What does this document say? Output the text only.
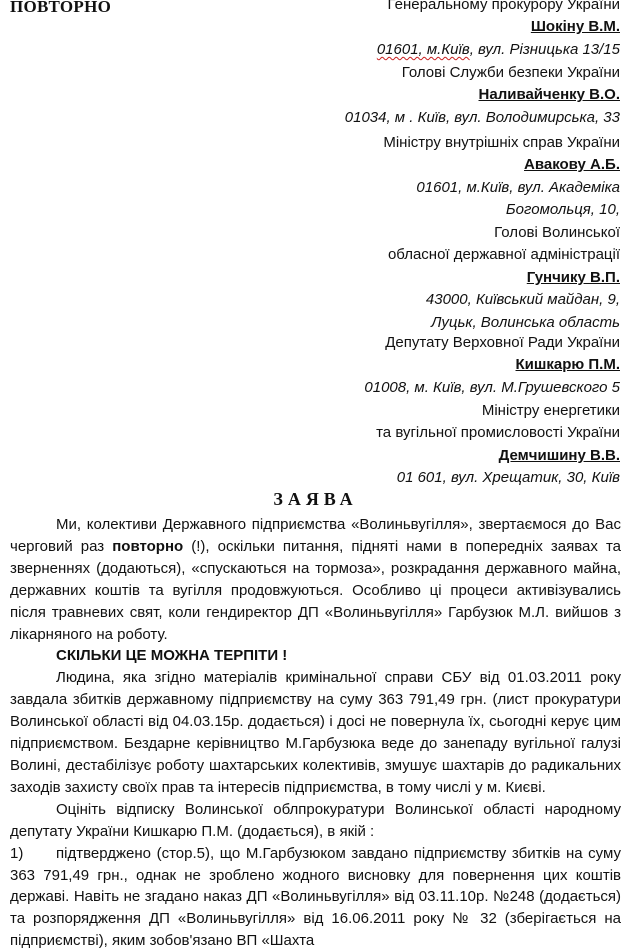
ПОВТОРНО	Генеральному прокурору України
Шокіну В.М.
01601, м.Київ, вул. Різницька 13/15
Голові Служби безпеки України
Наливайченку В.О.
01034, м . Київ, вул. Володимирська, 33
Міністру внутрішніх справ України
Авакову А.Б.
01601, м.Київ, вул. Академіка
Богомольця, 10,
Голові Волинської
обласної державної адміністрації
Гунчику В.П.
43000, Київський майдан, 9,
Луцьк, Волинська область
Депутату Верховної Ради України
Кишкарю П.М.
01008, м. Київ, вул. М.Грушевского 5
Міністру енергетики
та вугільної промисловості України
Демчишину В.В.
01 601, вул. Хрещатик, 30, Київ
ЗАЯВА
Ми, колективи Державного підприємства «Волиньвугілля», звертаємося до Вас черговий раз повторно (!), оскільки питання, підняті нами в попередніх заявах та зверненнях (додаються), «спускаються на тормоза», розкрадання державного майна, державних коштів та вугілля продовжуються. Особливо ці процеси активізувались після травневих свят, коли гендиректор ДП «Волиньвугілля» Гарбузюк М.Л. вийшов з лікарняного на роботу.
СКІЛЬКИ ЦЕ МОЖНА ТЕРПІТИ !
Людина, яка згідно матеріалів кримінальної справи СБУ від 01.03.2011 року завдала збитків державному підприємству на суму 363 791,49 грн. (лист прокуратури Волинської області від 04.03.15р. додається) і досі не повернула їх, сьогодні керує цим підприємством. Бездарне керівництво М.Гарбузюка веде до занепаду вугільної галузі Волині, дестабілізує роботу шахтарських колективів, змушує шахтарів до радикальних заходів захисту своїх прав та інтересів підприємства, в тому числі у м. Києві.
Оцініть відписку Волинської облпрокуратури Волинської області народному депутату України Кишкарю П.М. (додається), в якій :
1) підтверджено (стор.5), що М.Гарбузюком завдано підприємству збитків на суму 363 791,49 грн., однак не зроблено жодного висновку для повернення цих коштів державі. Навіть не згадано наказ ДП «Волиньвугілля» від 03.11.10р. №248 (додається) та розпорядження ДП «Волиньвугілля» від 16.06.2011 року № 32 (зберігається на підприємстві), яким зобов'язано ВП «Шахта
